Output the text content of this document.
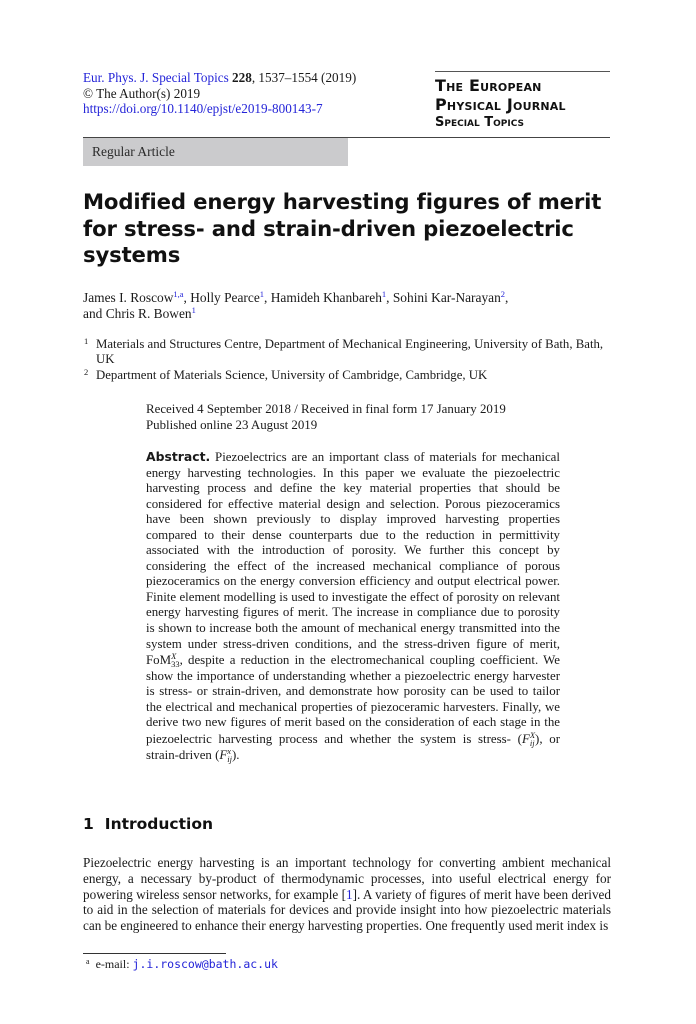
Eur. Phys. J. Special Topics 228, 1537–1554 (2019)
© The Author(s) 2019
https://doi.org/10.1140/epjst/e2019-800143-7
The European
Physical Journal
Special Topics
Regular Article
Modified energy harvesting figures of merit for stress- and strain-driven piezoelectric systems
James I. Roscow$^{1,a}$, Holly Pearce$^1$, Hamideh Khanbareh$^1$, Sohini Kar-Narayan$^2$,
and Chris R. Bowen$^1$
1 Materials and Structures Centre, Department of Mechanical Engineering, University of Bath, Bath, UK
2 Department of Materials Science, University of Cambridge, Cambridge, UK
Received 4 September 2018 / Received in final form 17 January 2019
Published online 23 August 2019
Abstract. Piezoelectrics are an important class of materials for mechanical energy harvesting technologies. In this paper we evaluate the piezoelectric harvesting process and define the key material properties that should be considered for effective material design and selection. Porous piezoceramics have been shown previously to display improved harvesting properties compared to their dense counterparts due to the reduction in permittivity associated with the introduction of porosity. We further this concept by considering the effect of the increased mechanical compliance of porous piezoceramics on the energy conversion efficiency and output electrical power. Finite element modelling is used to investigate the effect of porosity on relevant energy harvesting figures of merit. The increase in compliance due to porosity is shown to increase both the amount of mechanical energy transmitted into the system under stress-driven conditions, and the stress-driven figure of merit, FoM X
33 , despite a reduction in the electromechanical coupling coefficient. We show the importance of understanding whether a piezoelectric energy harvester is stress- or strain-driven, and demonstrate how porosity can be used to tailor the electrical and mechanical properties of piezoceramic harvesters. Finally, we derive two new figures of merit based on the consideration of each stage in the piezoelectric harvesting process and whether the system is stress- (F X
ij ), or strain-driven (F x
ij ).
1 Introduction
Piezoelectric energy harvesting is an important technology for converting ambient mechanical energy, a necessary by-product of thermodynamic processes, into useful electrical energy for powering wireless sensor networks, for example [1]. A variety of figures of merit have been derived to aid in the selection of materials for devices and provide insight into how piezoelectric materials can be engineered to enhance their energy harvesting properties. One frequently used merit index is
$^a$ e-mail: j.i.roscow@bath.ac.uk
